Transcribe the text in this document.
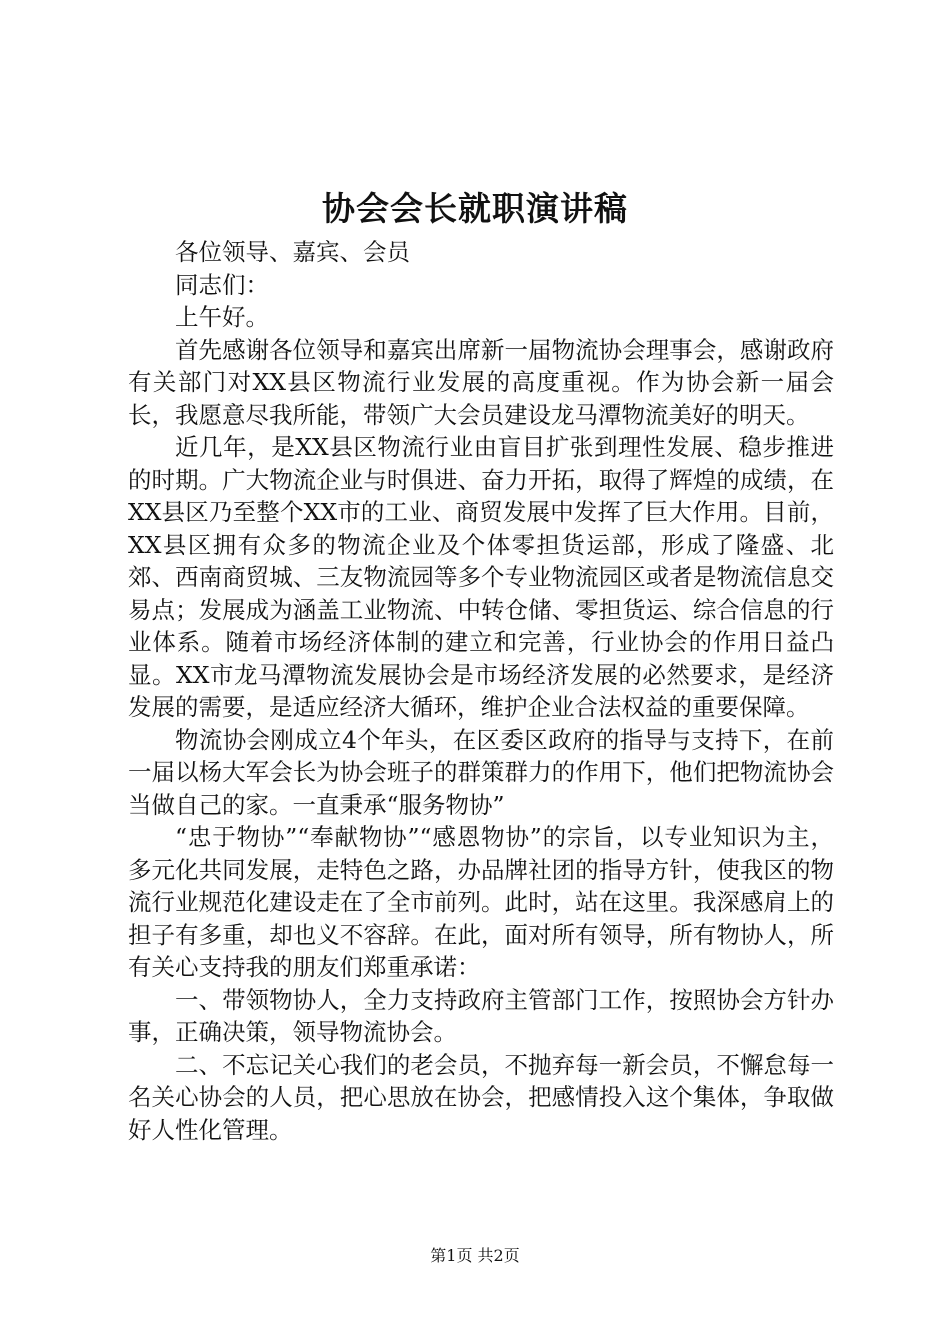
协会会长就职演讲稿

各位领导、嘉宾、会员

同志们：

上午好。

首先感谢各位领导和嘉宾出席新一届物流协会理事会，感谢政府有关部门对XX县区物流行业发展的高度重视。作为协会新一届会长，我愿意尽我所能，带领广大会员建设龙马潭物流美好的明天。

近几年，是XX县区物流行业由盲目扩张到理性发展、稳步推进的时期。广大物流企业与时俱进、奋力开拓，取得了辉煌的成绩，在XX县区乃至整个XX市的工业、商贸发展中发挥了巨大作用。目前，XX县区拥有众多的物流企业及个体零担货运部，形成了隆盛、北郊、西南商贸城、三友物流园等多个专业物流园区或者是物流信息交易点；发展成为涵盖工业物流、中转仓储、零担货运、综合信息的行业体系。随着市场经济体制的建立和完善，行业协会的作用日益凸显。XX市龙马潭物流发展协会是市场经济发展的必然要求，是经济发展的需要，是适应经济大循环，维护企业合法权益的重要保障。

物流协会刚成立4个年头，在区委区政府的指导与支持下，在前一届以杨大军会长为协会班子的群策群力的作用下，他们把物流协会当做自己的家。一直秉承“服务物协”

“忠于物协”“奉献物协”“感恩物协”的宗旨，以专业知识为主，多元化共同发展，走特色之路，办品牌社团的指导方针，使我区的物流行业规范化建设走在了全市前列。此时，站在这里。我深感肩上的担子有多重，却也义不容辞。在此，面对所有领导，所有物协人，所有关心支持我的朋友们郑重承诺：

一、带领物协人，全力支持政府主管部门工作，按照协会方针办事，正确决策，领导物流协会。

二、不忘记关心我们的老会员，不抛弃每一新会员，不懈怠每一名关心协会的人员，把心思放在协会，把感情投入这个集体，争取做好人性化管理。

第1页 共2页
